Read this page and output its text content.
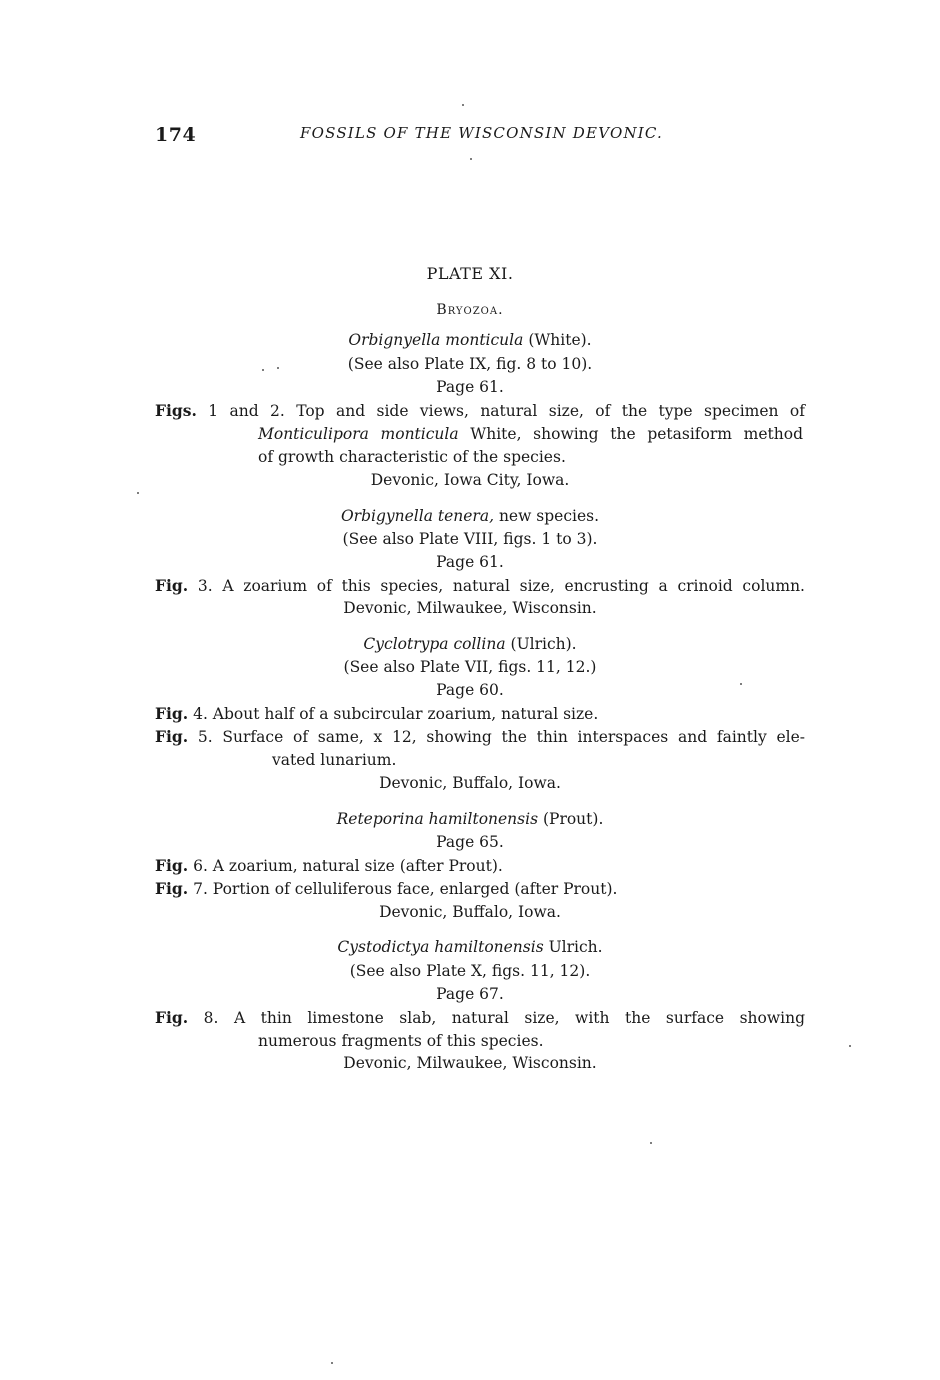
174	FOSSILS OF THE WISCONSIN DEVONIC.
PLATE XI.
Bryozoa.
Orbignyella monticula (White).
(See also Plate IX, fig. 8 to 10).
Page 61.
Figs. 1 and 2. Top and side views, natural size, of the type specimen of
Monticulipora monticula White, showing the petasiform method
of growth characteristic of the species.
Devonic, Iowa City, Iowa.
Orbigynella tenera, new species.
(See also Plate VIII, figs. 1 to 3).
Page 61.
Fig. 3. A zoarium of this species, natural size, encrusting a crinoid column.
Devonic, Milwaukee, Wisconsin.
Cyclotrypa collina (Ulrich).
(See also Plate VII, figs. 11, 12.)
Page 60.
Fig. 4. About half of a subcircular zoarium, natural size.
Fig. 5. Surface of same, x 12, showing the thin interspaces and faintly ele-
vated lunarium.
Devonic, Buffalo, Iowa.
Reteporina hamiltonensis (Prout).
Page 65.
Fig. 6. A zoarium, natural size (after Prout).
Fig. 7. Portion of celluliferous face, enlarged (after Prout).
Devonic, Buffalo, Iowa.
Cystodictya hamiltonensis Ulrich.
(See also Plate X, figs. 11, 12).
Page 67.
Fig. 8. A thin limestone slab, natural size, with the surface showing
numerous fragments of this species.
Devonic, Milwaukee, Wisconsin.
